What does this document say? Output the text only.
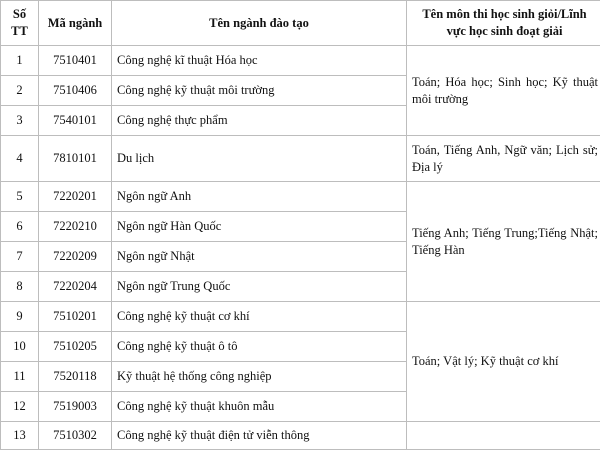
Số TT	Mã ngành	Tên ngành đào tạo	Tên môn thi học sinh giỏi/Lĩnh vực học sinh đoạt giải
1	7510401	Công nghệ kĩ thuật Hóa học	Toán; Hóa học; Sinh học; Kỹ thuật môi trường
2	7510406	Công nghệ kỹ thuật môi trường	
3	7540101	Công nghệ thực phẩm	
4	7810101	Du lịch	Toán, Tiếng Anh, Ngữ văn; Lịch sử; Địa lý
5	7220201	Ngôn ngữ Anh	Tiếng Anh; Tiếng Trung;Tiếng Nhật; Tiếng Hàn
6	7220210	Ngôn ngữ Hàn Quốc	
7	7220209	Ngôn ngữ Nhật	
8	7220204	Ngôn ngữ Trung Quốc	
9	7510201	Công nghệ kỹ thuật cơ khí	Toán; Vật lý; Kỹ thuật cơ khí
10	7510205	Công nghệ kỹ thuật ô tô	
11	7520118	Kỹ thuật hệ thống công nghiệp	
12	7519003	Công nghệ kỹ thuật khuôn mẫu	
13	7510302	Công nghệ kỹ thuật điện tử viễn thông	
